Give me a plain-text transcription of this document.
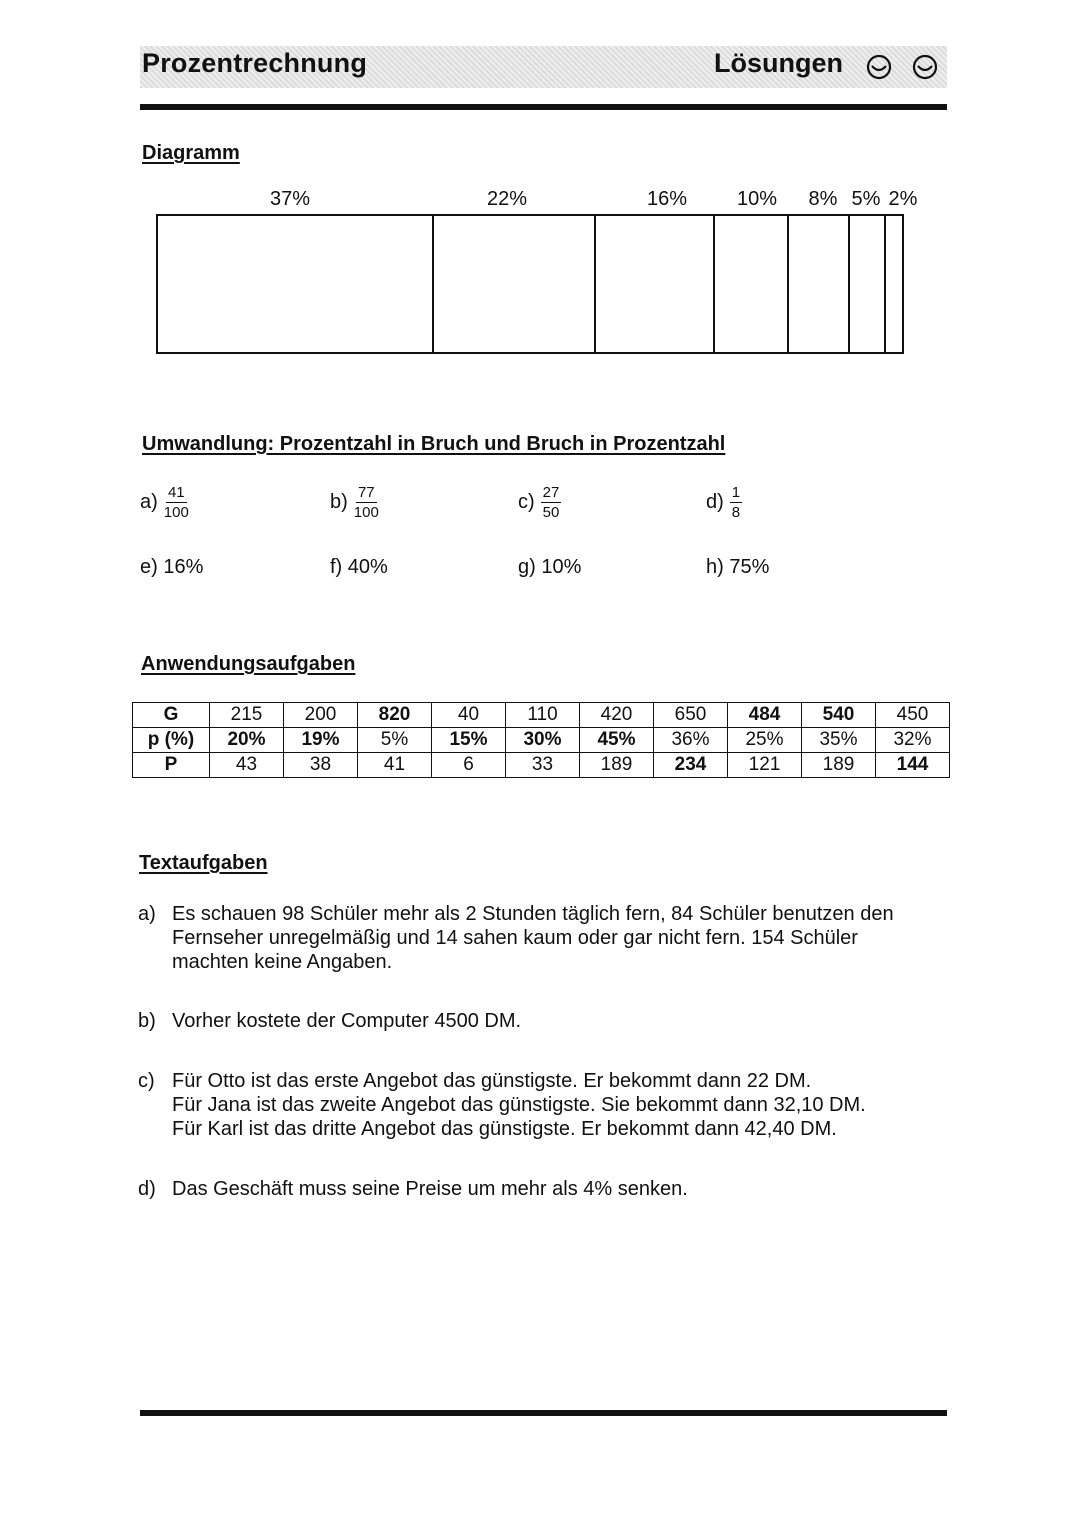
Prozentrechnung	Lösungen
Diagramm
37%	22%	16% 10% 8% 5% 2%
Umwandlung: Prozentzahl in Bruch und Bruch in Prozentzahl
$a) \frac{41}{100}$	$b) \frac{77}{100}$	$c) \frac{27}{50}$	$d) \frac{1}{8}$
e) 16%	f) 40%	g) 10%	h) 75%
Anwendungsaufgaben
G	215	200	820	40	110	420	650	484	540	450
p (%)	20%	19%	5%	15%	30%	45%	36%	25%	35%	32%
P	43	38	41	6	33	189	234	121	189	144
Textaufgaben
a) Es schauen 98 Schüler mehr als 2 Stunden täglich fern, 84 Schüler benutzen den
Fernseher unregelmäßig und 14 sahen kaum oder gar nicht fern. 154 Schüler
machten keine Angaben.
b) Vorher kostete der Computer 4500 DM.
c) Für Otto ist das erste Angebot das günstigste. Er bekommt dann 22 DM.
Für Jana ist das zweite Angebot das günstigste. Sie bekommt dann 32,10 DM.
Für Karl ist das dritte Angebot das günstigste. Er bekommt dann 42,40 DM.
d) Das Geschäft muss seine Preise um mehr als 4% senken.
